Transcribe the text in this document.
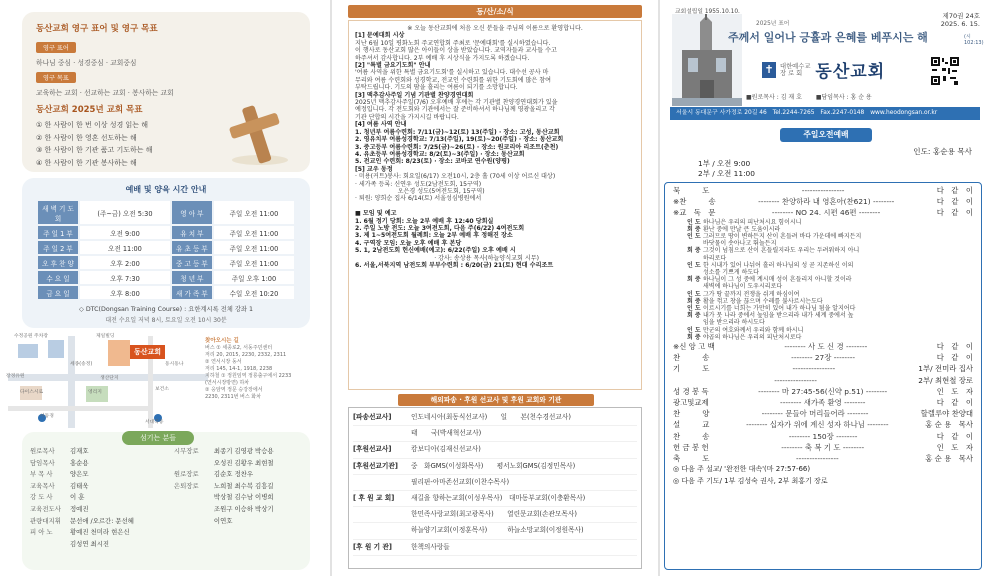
동산교회 영구 표어 및 영구 목표
영구 표어
하나님 중심 · 성경중심 · 교회중심
영구 목표
교육하는 교회 · 선교하는 교회 · 봉사하는 교회
동산교회 2025년 교회 목표
① 한 사람이 한 번 이상 성경 읽는 해
② 한 사람이 한 영혼 선도하는 해
③ 한 사람이 한 기관 품고 기도하는 해
④ 한 사람이 한 기관 봉사하는 해
예배 및 양육 시간 안내
새 벽 기 도 회	(주~금) 오전 5:30	영 아 부	주일 오전 11:00
주 일 1 부	오전 9:00	유 치 부	주일 오전 11:00
주 일 2 부	오전 11:00	유 초 등 부	주일 오전 11:00
오 후 찬 양	오후 2:00	중 고 등 부	주일 오전 11:00
수 요 일	오후 7:30	청 년 부	주일 오후 1:00
금 요 일	오후 8:00	새 가 족 부	수일 오전 10:20
◇ DTC(Dongsan Training Course) : 요한계시록 전체 강좌 1
대전 수요일 저녁 8시, 토요일 오전 10시 30분
동산교회
수정공원 주차장	제일빌딩
세종(송정)	동시동나
다이스시로	영리지
보건소
이동경
서대곡동
장경유원	생산단지
찾아오시는 길
버스 ① 세종로2, 서동주민센터
저리 20, 2015, 2230, 2332, 2311
② 연서시장 동서
저리 145, 14-1, 1918, 2238
지하철 ① 정원임역 정릉출구에서 2233
(연서시장방면) 하차
② 응암역 정문 승강장에서
2230, 2311번 버스 화차
섬기는 분들
원로목사 김재호
담임목사 홍순용
부 목 사	양은모
교육목사 김태욱
강 도 사	이 훈
교육전도사 정예진
관량대지휘 문선애 /오르간: 문선혜
피 아 노	황예진 천미라 현은신
김성연 최시진
시무장로 최종기 김영광 박승용
오성진 김황우 최현철
원로장로 김순호 정찬우
은퇴장로 노희철 최수복 김흥길
박상철 김수남 이병희
조원구 이승하 박상기
이연호
동/산/소/식
※ 오늘 동산교회에 처음 오신 분들을 주님의 이름으로 환영합니다.
[1] 문예대회 시상
지난 6월 10일 평화노회 주교연합회 주최로 '문예대회'를 실시하였습니다.
이 행사로 동산교회 많은 아이들이 상을 받았습니다. 교역자들과 교사들 수고
하주셔서 감사합니다. 2부 예배 후 시상식을 가지도록 하겠습니다.
[2] "특별 금요기도회" 안내
'여름 사역을 위한 특별 금요기도회'를 실시하고 있습니다. 대수선 공사 마
무리와 여름 수련회와 성경학교, 전교인 수련회를 위한 기도회에 많은 참여
부탁드립니다. 기도의 땀을 흘리는 여름이 되기를 소망합니다.
[3] 맥추감사주일 기념 기관별 찬양경연대회
2025년 맥추감사주일(7/6) 오후예배 후에는 각 기관별 찬양경연대회가 있을
예정입니다. 각 전도회와 기관에서는 잘 준비하셔서 하나님께 영광올리고 각
기관 단합의 시간을 가지시길 바랍니다.
[4] 여름 사역 안내
1. 청년부 여름수련회: 7/11(금)~12(토) 13(주일) · 장소: 고성, 동산교회
2. 영유치부 여름성경학교: 7/13(주일), 19(토)~20(주일) · 장소: 동산교회
3. 중고등부 여름수련회: 7/25(금)~26(토) · 장소: 원코리아 리조트(춘천)
4. 유초등부 여름성경학교: 8/2(토)~3(주일) · 장소: 동산교회
5. 전교인 수련회: 8/23(토) · 장소: 코바코 연수원(양평)
[5] 교우 동정
· 미용(커트)봉사: 회요일(6/17) 오전10시, 2층 홀 (70세 이상 어르신 대상)
· 세가족 등록: 신연우 성도(2남전도회, 15구역)
　　　　　　　오은경 성도(5여전도회, 15구역)
· 퇴원: 양희순 집사 6/14(토) 서울성심병원에서

■ 모임 및 예고
1. 6월 정기 당회: 오늘 2부 예배 후 12:40 당회실
2. 주일 노방 전도: 오늘 3여전도회, 다음 주(6/22) 4여전도회
3. 제 1~5여전도회 월례회: 오늘 2부 예배 후 정해진 장소
4. 구역장 모임: 오늘 오후 예배 후 본당
5. 1, 2남전도회 헌신예배(예고): 6/22(주일) 오후 예배 시
　　　　　　　　　　　　　· 강사: 송상용 목사(하늘양식교회 시무)
6. 서울,서북지역 남전도회 부부수련회 : 6/20(금) 21(토) 현대 수리조트
해외파송 · 후원 선교사 및 후원 교회와 기관
[파송선교사]	인도네시아(최동식선교사)　　일　　본(천수경선교사)
태　　국(박새혁선교사)
[후원선교사]	캄보디아(김재신선교사)
[후원선교기관]	중　화GMS(이성화목사)　　평서노회GMS(김정민목사)
필리핀-아마존선교회(이찬수목사)
[ 후 원 교 회]	새길을 향하는교회(이성우목사)　대마동부교회(이충환목사)
한민족사랑교회(최고광목사)　　열린문교회(손관모목사)
하늘양기교회(이정훈목사)　　　하늘소망교회(이정원목사)
[후 원 기 관]	한책의사랑들
교회설립일 1955.10.10.
2025년 표어
제70권 24호
2025. 6. 15.
주께서 일어나 긍휼과 은혜를 베푸시는 해	(시 102:13)
✝	대한예수교
장 로 회 동산교회
■원로목사 : 김 재 호 ■담임목사 : 홍 순 용
서울시 동대문구 사가정로 20길 46　Tel.2244-7265　Fax.2247-0148　www.heodongsan.or.kr
주일오전예배
인도: 홍순용 목사
1부 / 오전 9:00
2부 / 오전 11:00
묵　　　도	----------------	다　같　이
※찬　　　송	-------- 찬양하라 내 영혼아(찬621) --------	다　같　이
※교　독　문	-------- NO 24. 시편 46편 --------	다　같　이
인 도 하나님은 우리의 피난처시요 힘이시니
회 중 환난 중에 만날 큰 도움이시라
인 도 그러므로 땅이 변하든지 산이 흔들려 바다 가운데에 빠지든지
바닷물이 솟아나고 뛰놀든지
회 중 그것이 넘침으로 산이 흔들릴지라도 우리는 두려워하지 아니
하리로다
인 도 한 시내가 있어 나뉘어 흘러 하나님의 성 곧 지존하신 이의
성소를 기쁘게 하도다
회 중 하나님이 그 성 중에 계시매 성이 흔들리지 아니할 것이라
새벽에 하나님이 도우시리로다
인 도 그가 땅 끝까지 전쟁을 쉬게 하심이여
회 중 활을 꺾고 창을 끊으며 수레를 불사르시는도다
인 도 이르시기를 너희는 가만히 있어 내가 하나님 됨을 알지어다
회 중 내가 뭇 나라 중에서 높임을 받으리라 내가 세계 중에서 높
임을 받으리라 하시도다
인 도 만군의 여호와께서 우리와 함께 하시니
회 중 야곱의 하나님은 우리의 피난처시로다
※신 앙 고 백	-------- 사 도 신 경 --------	다　같　이
찬　　　송	-------- 27장 --------	다　같　이
기　　　도	----------------	1부/ 전미라 집사
----------------	2부/ 최현철 장로
성 경 봉 독	-------- 마 27:45-56(신약 p.51) --------	인　도　자
광고및교제	-------- 새가족 환영 --------	다　같　이
찬　　　양	-------- 문들아 머리들어라 --------	할렐루야 찬양대
설　　　교	-------- 십자가 위에 계신 성자 하나님 --------	홍 순 용　목사
찬　　　송	-------- 150장 --------	다　같　이
헌 금 봉 헌	-------- 축 복 기 도 --------	인　도　자
축　　　도	----------------	홍 순 용　목사
◎ 다음 주 설교/ '완전한 대속'(마 27:57-66)
◎ 다음 주 기도/ 1부 김성숙 권사, 2부 최홍기 장로
